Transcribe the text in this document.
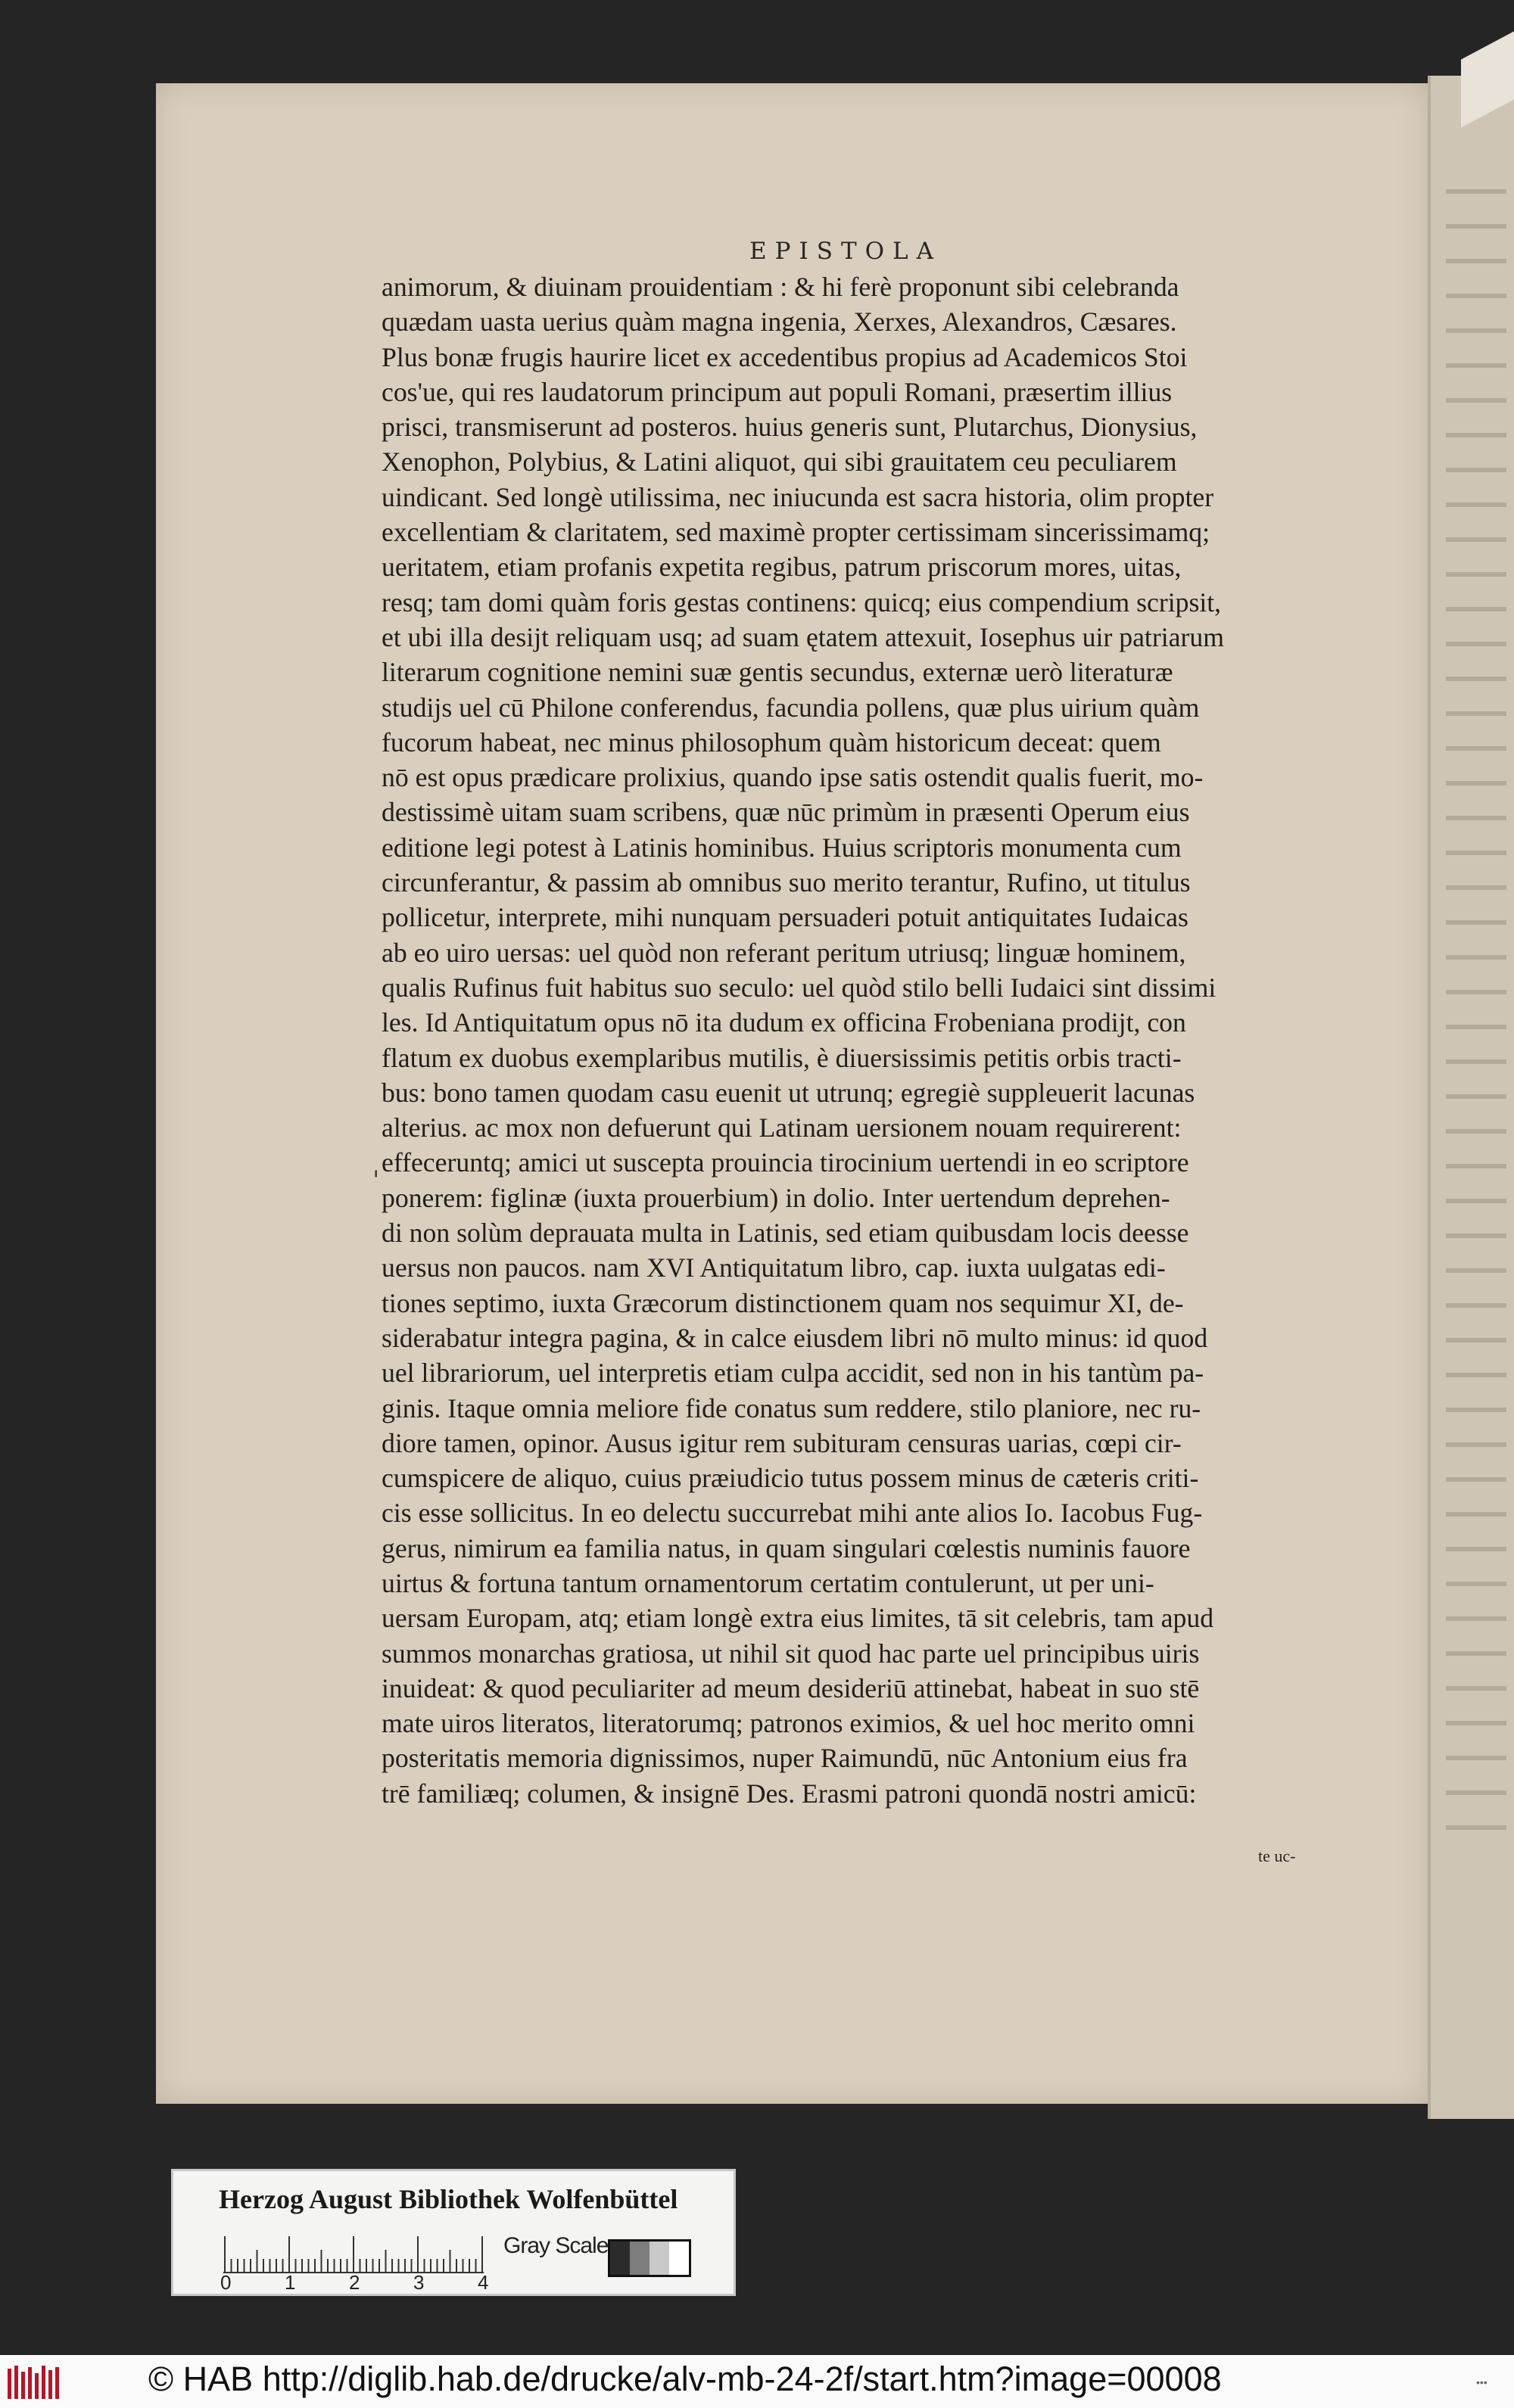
EPISTOLA
'
animorum, & diuinam prouidentiam : & hi ferè proponunt sibi celebranda
quædam uasta uerius quàm magna ingenia, Xerxes, Alexandros, Cæsares.
Plus bonæ frugis haurire licet ex accedentibus propius ad Academicos Stoi
cos'ue, qui res laudatorum principum aut populi Romani, præsertim illius
prisci, transmiserunt ad posteros. huius generis sunt, Plutarchus, Dionysius,
Xenophon, Polybius, & Latini aliquot, qui sibi grauitatem ceu peculiarem
uindicant. Sed longè utilissima, nec iniucunda est sacra historia, olim propter
excellentiam & claritatem, sed maximè propter certissimam sincerissimamq;
ueritatem, etiam profanis expetita regibus, patrum priscorum mores, uitas,
resq; tam domi quàm foris gestas continens: quicq; eius compendium scripsit,
et ubi illa desijt reliquam usq; ad suam ętatem attexuit, Iosephus uir patriarum
literarum cognitione nemini suæ gentis secundus, externæ uerò literaturæ
studijs uel cū Philone conferendus, facundia pollens, quæ plus uirium quàm
fucorum habeat, nec minus philosophum quàm historicum deceat: quem
nō est opus prædicare prolixius, quando ipse satis ostendit qualis fuerit, mo-
destissimè uitam suam scribens, quæ nūc primùm in præsenti Operum eius
editione legi potest à Latinis hominibus. Huius scriptoris monumenta cum
circunferantur, & passim ab omnibus suo merito terantur, Rufino, ut titulus
pollicetur, interprete, mihi nunquam persuaderi potuit antiquitates Iudaicas
ab eo uiro uersas: uel quòd non referant peritum utriusq; linguæ hominem,
qualis Rufinus fuit habitus suo seculo: uel quòd stilo belli Iudaici sint dissimi
les. Id Antiquitatum opus nō ita dudum ex officina Frobeniana prodijt, con
flatum ex duobus exemplaribus mutilis, è diuersissimis petitis orbis tracti-
bus: bono tamen quodam casu euenit ut utrunq; egregiè suppleuerit lacunas
alterius. ac mox non defuerunt qui Latinam uersionem nouam requirerent:
effeceruntq; amici ut susceptа prouincia tirocinium uertendi in eo scriptore
ponerem: figlinæ (iuxta prouerbium) in dolio. Inter uertendum deprehen-
di non solùm deprauata multa in Latinis, sed etiam quibusdam locis deesse
uersus non paucos. nam XVI Antiquitatum libro, cap. iuxta uulgatas edi-
tiones septimo, iuxta Græcorum distinctionem quam nos sequimur XI, de-
siderabatur integra pagina, & in calce eiusdem libri nō multo minus: id quod
uel librariorum, uel interpretis etiam culpa accidit, sed non in his tantùm pa-
ginis. Itaque omnia meliore fide conatus sum reddere, stilo planiore, nec ru-
diore tamen, opinor. Ausus igitur rem subituram censuras uarias, cœpi cir-
cumspicere de aliquo, cuius præiudicio tutus possem minus de cæteris criti-
cis esse sollicitus. In eo delectu succurrebat mihi ante alios Io. Iacobus Fug-
gerus, nimirum ea familia natus, in quam singulari cœlestis numinis fauore
uirtus & fortuna tantum ornamentorum certatim contulerunt, ut per uni-
uersam Europam, atq; etiam longè extra eius limites, tā sit celebris, tam apud
summos monarchas gratiosa, ut nihil sit quod hac parte uel principibus uiris
inuideat: & quod peculiariter ad meum desideriū attinebat, habeat in suo stē
mate uiros literatos, literatorumq; patronos eximios, & uel hoc merito omni
posteritatis memoria dignissimos, nuper Raimundū, nūc Antonium eius fra
trē familiæq; columen, & insignē Des. Erasmi patroni quondā nostri amicū:
te uc-
Herzog August Bibliothek Wolfenbüttel
0	1	2	3	4
Gray Scale
© HAB http://diglib.hab.de/drucke/alv-mb-24-2f/start.htm?image=00008	•••
